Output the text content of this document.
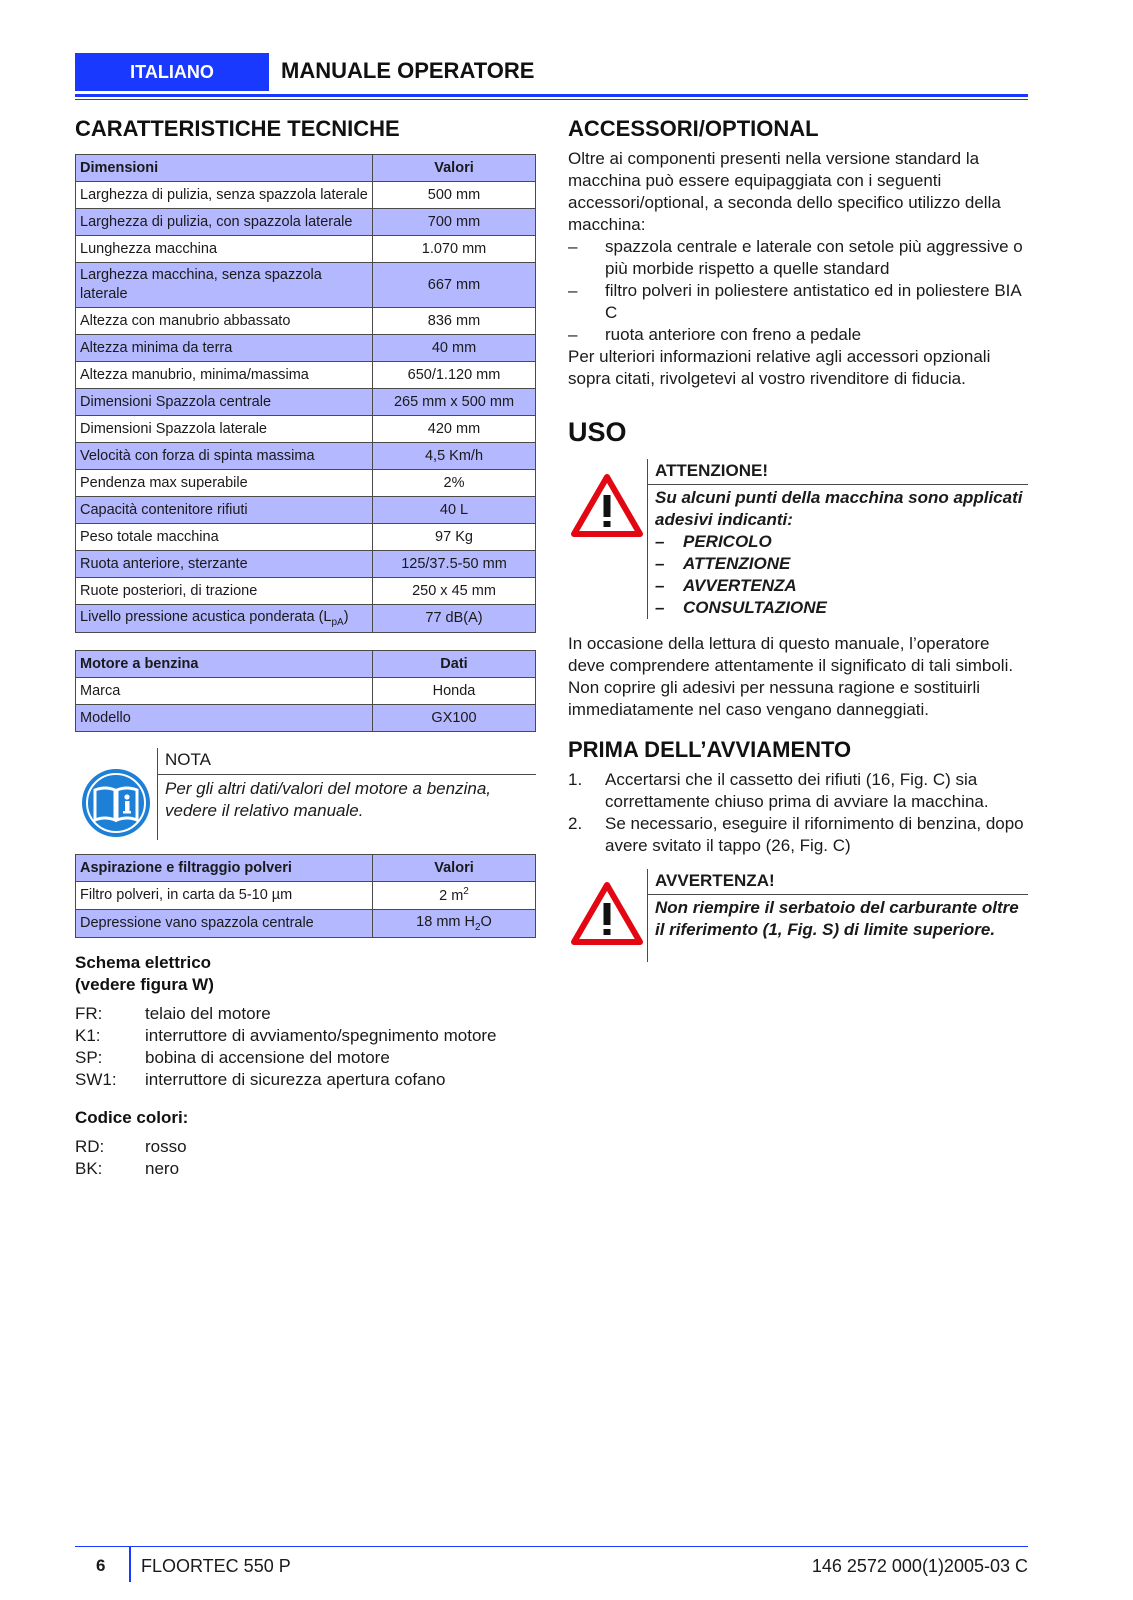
ITALIANO	MANUALE OPERATORE
CARATTERISTICHE TECNICHE
Dimensioni	Valori
Larghezza di pulizia, senza spazzola laterale	500 mm
Larghezza di pulizia, con spazzola laterale	700 mm
Lunghezza macchina	1.070 mm
Larghezza macchina, senza spazzola laterale	667 mm
Altezza con manubrio abbassato	836 mm
Altezza minima da terra	40 mm
Altezza manubrio, minima/massima	650/1.120 mm
Dimensioni Spazzola centrale	265 mm x 500 mm
Dimensioni Spazzola laterale	420 mm
Velocità con forza di spinta massima	4,5 Km/h
Pendenza max superabile	2%
Capacità contenitore rifiuti	40 L
Peso totale macchina	97 Kg
Ruota anteriore, sterzante	125/37.5-50 mm
Ruote posteriori, di trazione	250 x 45 mm
Livello pressione acustica ponderata $(L_{pA})$	77 dB(A)
Motore a benzina	Dati
Marca	Honda
Modello	GX100
NOTA
Per gli altri dati/valori del motore a benzina, vedere il relativo manuale.
Aspirazione e filtraggio polveri	Valori
Filtro polveri, in carta da 5-10 µm	2 $m^2$
Depressione vano spazzola centrale	18 mm $H_2O$
Schema elettrico
(vedere figura W)
FR:	telaio del motore
K1:	interruttore di avviamento/spegnimento motore
SP:	bobina di accensione del motore
SW1:	interruttore di sicurezza apertura cofano
Codice colori:
RD:	rosso
BK:	nero
ACCESSORI/OPTIONAL

Oltre ai componenti presenti nella versione standard la macchina può essere equipaggiata con i seguenti accessori/optional, a seconda dello specifico utilizzo della macchina:

–	spazzola centrale e laterale con setole più aggressive o più morbide rispetto a quelle standard
–	filtro polveri in poliestere antistatico ed in poliestere BIA C
–	ruota anteriore con freno a pedale

Per ulteriori informazioni relative agli accessori opzionali sopra citati, rivolgetevi al vostro rivenditore di fiducia.

USO
ATTENZIONE!
Su alcuni punti della macchina sono applicati adesivi indicanti:
–	PERICOLO
–	ATTENZIONE
–	AVVERTENZA
–	CONSULTAZIONE

In occasione della lettura di questo manuale, l’operatore deve comprendere attentamente il significato di tali simboli.

Non coprire gli adesivi per nessuna ragione e sostituirli immediatamente nel caso vengano danneggiati.

PRIMA DELL’AVVIAMENTO
1.	Accertarsi che il cassetto dei rifiuti (16, Fig. C) sia correttamente chiuso prima di avviare la macchina.
2.	Se necessario, eseguire il rifornimento di benzina, dopo avere svitato il tappo (26, Fig. C)
AVVERTENZA!
Non riempire il serbatoio del carburante oltre il riferimento (1, Fig. S) di limite superiore.
6 FLOORTEC 550 P	146 2572 000(1)2005-03 C
